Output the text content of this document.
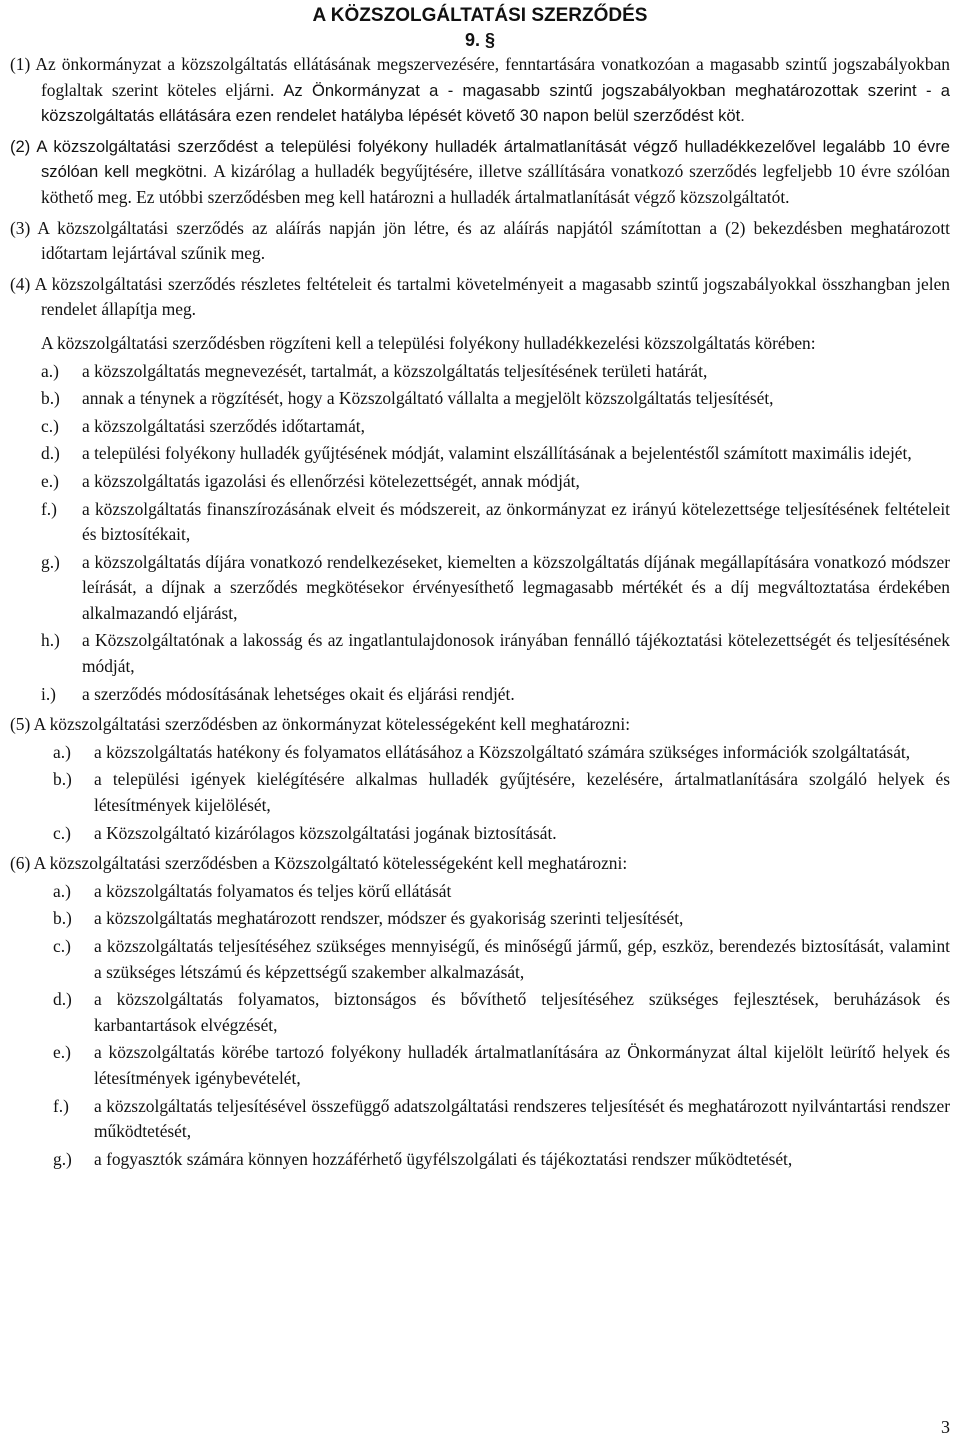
A KÖZSZOLGÁLTATÁSI SZERZŐDÉS
9. §

(1) Az önkormányzat a közszolgáltatás ellátásának megszervezésére, fenntartására vonatkozóan a magasabb szintű jogszabályokban foglaltak szerint köteles eljárni. Az Önkormányzat a - magasabb szintű jogszabályokban meghatározottak szerint - a közszolgáltatás ellátására ezen rendelet hatályba lépését követő 30 napon belül szerződést köt.

(2) A közszolgáltatási szerződést a települési folyékony hulladék ártalmatlanítását végző hulladékkezelővel legalább 10 évre szólóan kell megkötni. A kizárólag a hulladék begyűjtésére, illetve szállítására vonatkozó szerződés legfeljebb 10 évre szólóan köthető meg. Ez utóbbi szerződésben meg kell határozni a hulladék ártalmatlanítását végző közszolgáltatót.

(3) A közszolgáltatási szerződés az aláírás napján jön létre, és az aláírás napjától számítottan a (2) bekezdésben meghatározott időtartam lejártával szűnik meg.

(4) A közszolgáltatási szerződés részletes feltételeit és tartalmi követelményeit a magasabb szintű jogszabályokkal összhangban jelen rendelet állapítja meg.

A közszolgáltatási szerződésben rögzíteni kell a települési folyékony hulladékkezelési közszolgáltatás körében:

a.) a közszolgáltatás megnevezését, tartalmát, a közszolgáltatás teljesítésének területi határát,

b.) annak a ténynek a rögzítését, hogy a Közszolgáltató vállalta a megjelölt közszolgáltatás teljesítését,

c.) a közszolgáltatási szerződés időtartamát,

d.) a települési folyékony hulladék gyűjtésének módját, valamint elszállításának a bejelentéstől számított maximális idejét,

e.) a közszolgáltatás igazolási és ellenőrzési kötelezettségét, annak módját,

f.) a közszolgáltatás finanszírozásának elveit és módszereit, az önkormányzat ez irányú kötelezettsége teljesítésének feltételeit és biztosítékait,

g.) a közszolgáltatás díjára vonatkozó rendelkezéseket, kiemelten a közszolgáltatás díjának megállapítására vonatkozó módszer leírását, a díjnak a szerződés megkötésekor érvényesíthető legmagasabb mértékét és a díj megváltoztatása érdekében alkalmazandó eljárást,

h.) a Közszolgáltatónak a lakosság és az ingatlantulajdonosok irányában fennálló tájékoztatási kötelezettségét és teljesítésének módját,

i.) a szerződés módosításának lehetséges okait és eljárási rendjét.

(5) A közszolgáltatási szerződésben az önkormányzat kötelességeként kell meghatározni:

a.) a közszolgáltatás hatékony és folyamatos ellátásához a Közszolgáltató számára szükséges információk szolgáltatását,

b.) a települési igények kielégítésére alkalmas hulladék gyűjtésére, kezelésére, ártalmatlanítására szolgáló helyek és létesítmények kijelölését,

c.) a Közszolgáltató kizárólagos közszolgáltatási jogának biztosítását.

(6) A közszolgáltatási szerződésben a Közszolgáltató kötelességeként kell meghatározni:

a.) a közszolgáltatás folyamatos és teljes körű ellátását

b.) a közszolgáltatás meghatározott rendszer, módszer és gyakoriság szerinti teljesítését,

c.) a közszolgáltatás teljesítéséhez szükséges mennyiségű, és minőségű jármű, gép, eszköz, berendezés biztosítását, valamint a szükséges létszámú és képzettségű szakember alkalmazását,

d.) a közszolgáltatás folyamatos, biztonságos és bővíthető teljesítéséhez szükséges fejlesztések, beruházások és karbantartások elvégzését,

e.) a közszolgáltatás körébe tartozó folyékony hulladék ártalmatlanítására az Önkormányzat által kijelölt leürítő helyek és létesítmények igénybevételét,

f.) a közszolgáltatás teljesítésével összefüggő adatszolgáltatási rendszeres teljesítését és meghatározott nyilvántartási rendszer működtetését,

g.) a fogyasztók számára könnyen hozzáférhető ügyfélszolgálati és tájékoztatási rendszer működtetését,

3
